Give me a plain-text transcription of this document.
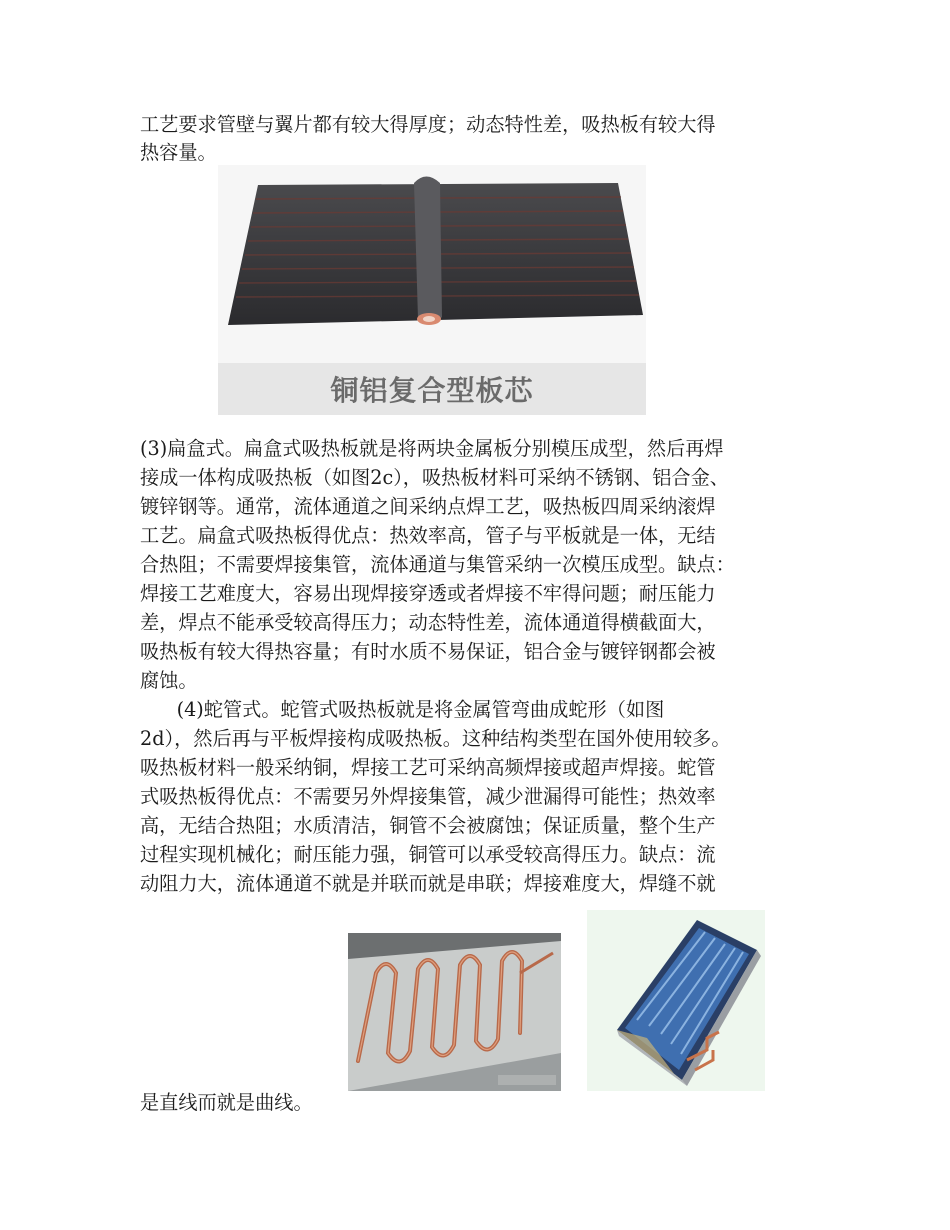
工艺要求管壁与翼片都有较大得厚度；动态特性差，吸热板有较大得
热容量。
铜铝复合型板芯
(3)扁盒式。扁盒式吸热板就是将两块金属板分别模压成型，然后再焊
接成一体构成吸热板（如图2c），吸热板材料可采纳不锈钢、铝合金、
镀锌钢等。通常，流体通道之间采纳点焊工艺，吸热板四周采纳滚焊
工艺。扁盒式吸热板得优点：热效率高，管子与平板就是一体，无结
合热阻；不需要焊接集管，流体通道与集管采纳一次模压成型。缺点：
焊接工艺难度大，容易出现焊接穿透或者焊接不牢得问题；耐压能力
差，焊点不能承受较高得压力；动态特性差，流体通道得横截面大，
吸热板有较大得热容量；有时水质不易保证，铝合金与镀锌钢都会被
腐蚀。
(4)蛇管式。蛇管式吸热板就是将金属管弯曲成蛇形（如图
2d），然后再与平板焊接构成吸热板。这种结构类型在国外使用较多。
吸热板材料一般采纳铜，焊接工艺可采纳高频焊接或超声焊接。蛇管
式吸热板得优点：不需要另外焊接集管，减少泄漏得可能性；热效率
高，无结合热阻；水质清洁，铜管不会被腐蚀；保证质量，整个生产
过程实现机械化；耐压能力强，铜管可以承受较高得压力。缺点：流
动阻力大，流体通道不就是并联而就是串联；焊接难度大，焊缝不就
是直线而就是曲线。
